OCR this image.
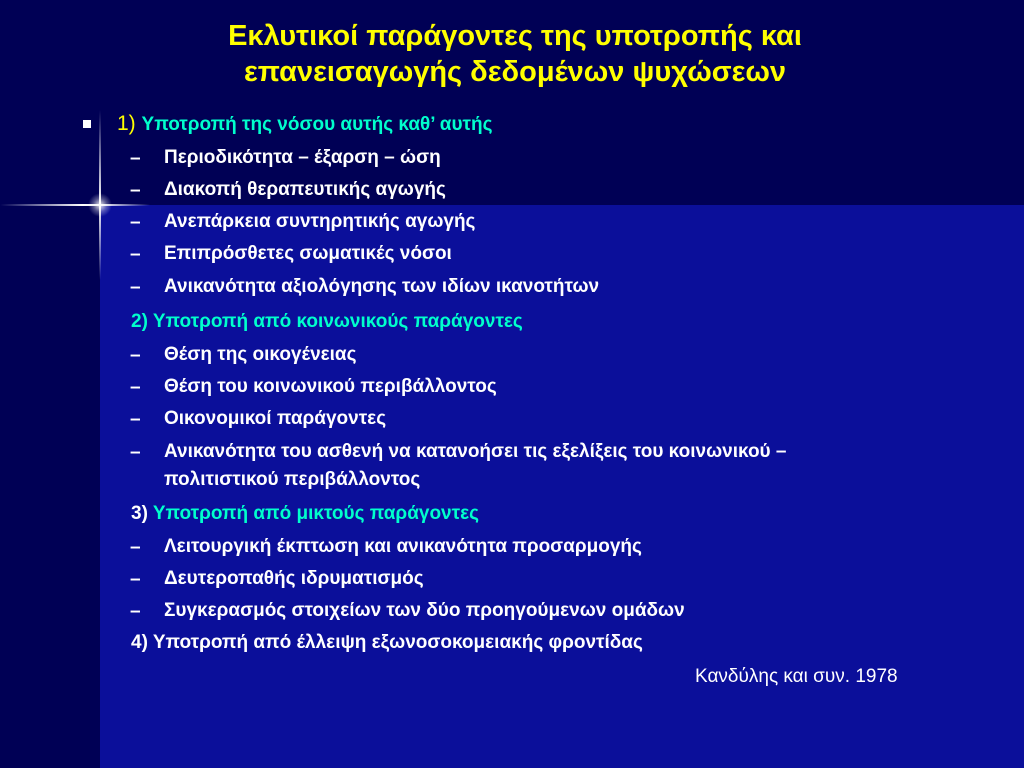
Εκλυτικοί παράγοντες της υποτροπής και
επανεισαγωγής δεδομένων ψυχώσεων
1) Υποτροπή της νόσου αυτής καθ’ αυτής
– Περιοδικότητα – έξαρση – ώση
– Διακοπή θεραπευτικής αγωγής
– Ανεπάρκεια συντηρητικής αγωγής
– Επιπρόσθετες σωματικές νόσοι
– Ανικανότητα αξιολόγησης των ιδίων ικανοτήτων
2) Υποτροπή από κοινωνικούς παράγοντες
– Θέση της οικογένειας
– Θέση του κοινωνικού περιβάλλοντος
– Οικονομικοί παράγοντες
– Ανικανότητα του ασθενή να κατανοήσει τις εξελίξεις του κοινωνικού –
πολιτιστικού περιβάλλοντος
3) Υποτροπή από μικτούς παράγοντες
– Λειτουργική έκπτωση και ανικανότητα προσαρμογής
– Δευτεροπαθής ιδρυματισμός
– Συγκερασμός στοιχείων των δύο προηγούμενων ομάδων
4) Υποτροπή από έλλειψη εξωνοσοκομειακής φροντίδας
Κανδύλης και συν. 1978
